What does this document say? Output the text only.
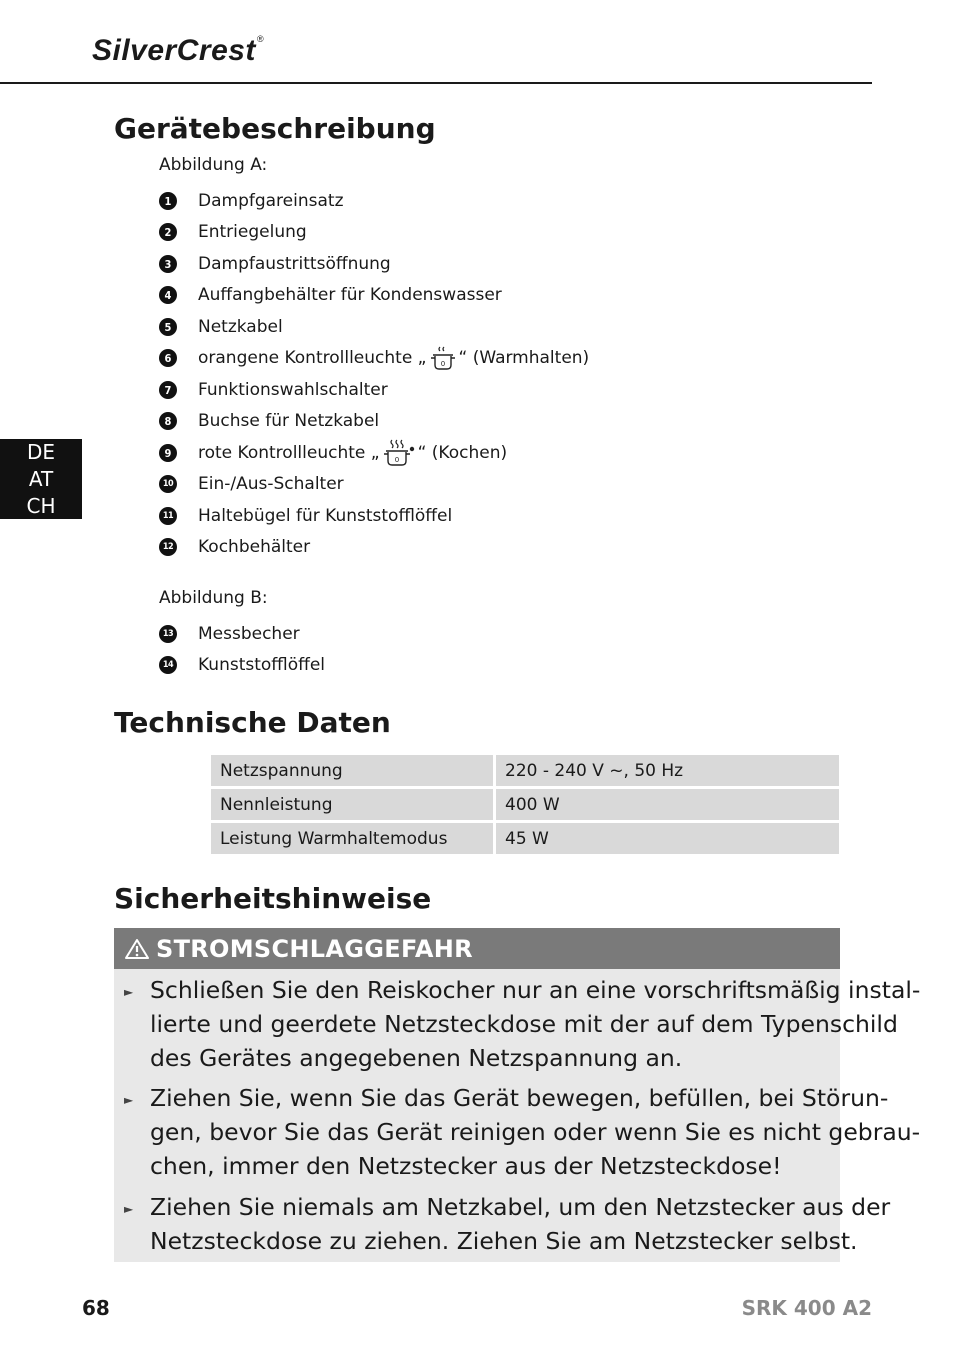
SilverCrest®
DE
AT
CH
Gerätebeschreibung
Abbildung A:
1	Dampfgareinsatz
2	Entriegelung
3	Dampfaustrittsöffnung
4	Auffangbehälter für Kondenswasser
5	Netzkabel
6	orangene Kontrollleuchte „ 0 “ (Warmhalten)
7	Funktionswahlschalter
8	Buchse für Netzkabel
9	rote Kontrollleuchte „ 0 “ (Kochen)
10 Ein-/Aus-Schalter
11 Haltebügel für Kunststofflöffel
12 Kochbehälter
Abbildung B:
13 Messbecher
14 Kunststofflöffel
Technische Daten
Netzspannung	220 - 240 V ~, 50 Hz
Nennleistung	400 W
Leistung Warmhaltemodus	45 W
Sicherheitshinweise
STROMSCHLAGGEFAHR
► Schließen Sie den Reiskocher nur an eine vorschriftsmäßig instal-
lierte und geerdete Netzsteckdose mit der auf dem Typenschild
des Gerätes angegebenen Netzspannung an.
► Ziehen Sie, wenn Sie das Gerät bewegen, befüllen, bei Störun-
gen, bevor Sie das Gerät reinigen oder wenn Sie es nicht gebrau-
chen, immer den Netzstecker aus der Netzsteckdose!
► Ziehen Sie niemals am Netzkabel, um den Netzstecker aus der
Netzsteckdose zu ziehen. Ziehen Sie am Netzstecker selbst.
68	SRK 400 A2
